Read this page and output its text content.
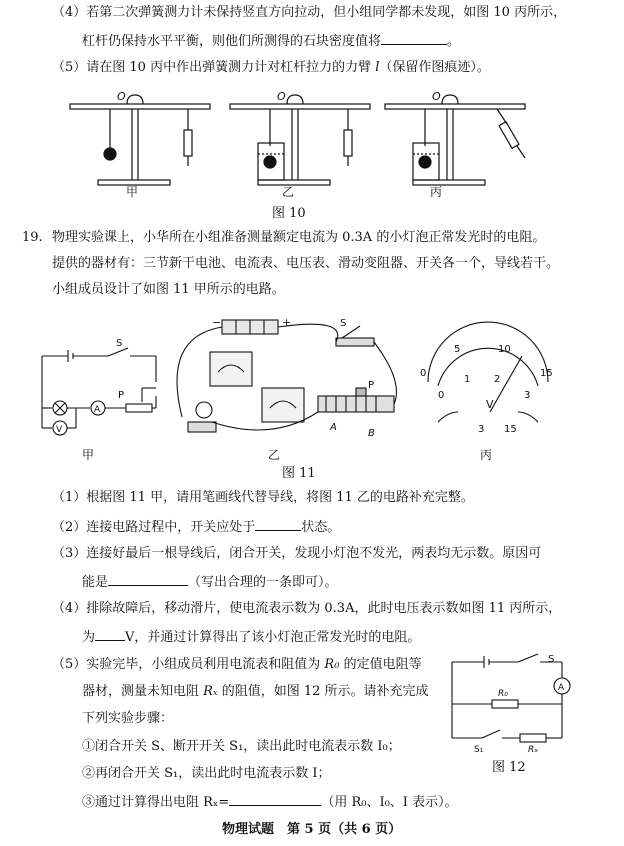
（4）若第二次弹簧测力计未保持竖直方向拉动，但小组同学都未发现，如图 10 丙所示，
杠杆仍保持水平平衡，则他们所测得的石块密度值将	。
（5）请在图 10 丙中作出弹簧测力计对杠杆拉力的力臂 l（保留作图痕迹）。
O	O	O
甲	乙	丙
图 10
19. 物理实验课上，小华所在小组准备测量额定电流为 0.3A 的小灯泡正常发光时的电阻。
提供的器材有：三节新干电池、电流表、电压表、滑动变阻器、开关各一个，导线若干。
小组成员设计了如图 11 甲所示的电路。
S
P
A
V
−	+	S
P
A
B
0
5	10
15
0
1 2
3
V
3 15
甲	乙	丙
图 11
（1）根据图 11 甲，请用笔画线代替导线，将图 11 乙的电路补充完整。
（2）连接电路过程中，开关应处于	状态。
（3）连接好最后一根导线后，闭合开关，发现小灯泡不发光，两表均无示数。原因可
能是	（写出合理的一条即可）。
（4）排除故障后，移动滑片，使电流表示数为 0.3A，此时电压表示数如图 11 丙所示，
为 V，并通过计算得出了该小灯泡正常发光时的电阻。
（5）实验完毕，小组成员利用电流表和阻值为 R₀ 的定值电阻等
器材，测量未知电阻 Rₓ 的阻值，如图 12 所示。请补充完成
下列实验步骤：
①闭合开关 S、断开开关 S₁，读出此时电流表示数 I₀；
②再闭合开关 S₁，读出此时电流表示数 I；
③通过计算得出电阻 Rₓ=	（用 R₀、I₀、I 表示）。
S
A
R₀
S₁	Rₓ
图 12
物理试题　第 5 页（共 6 页）
